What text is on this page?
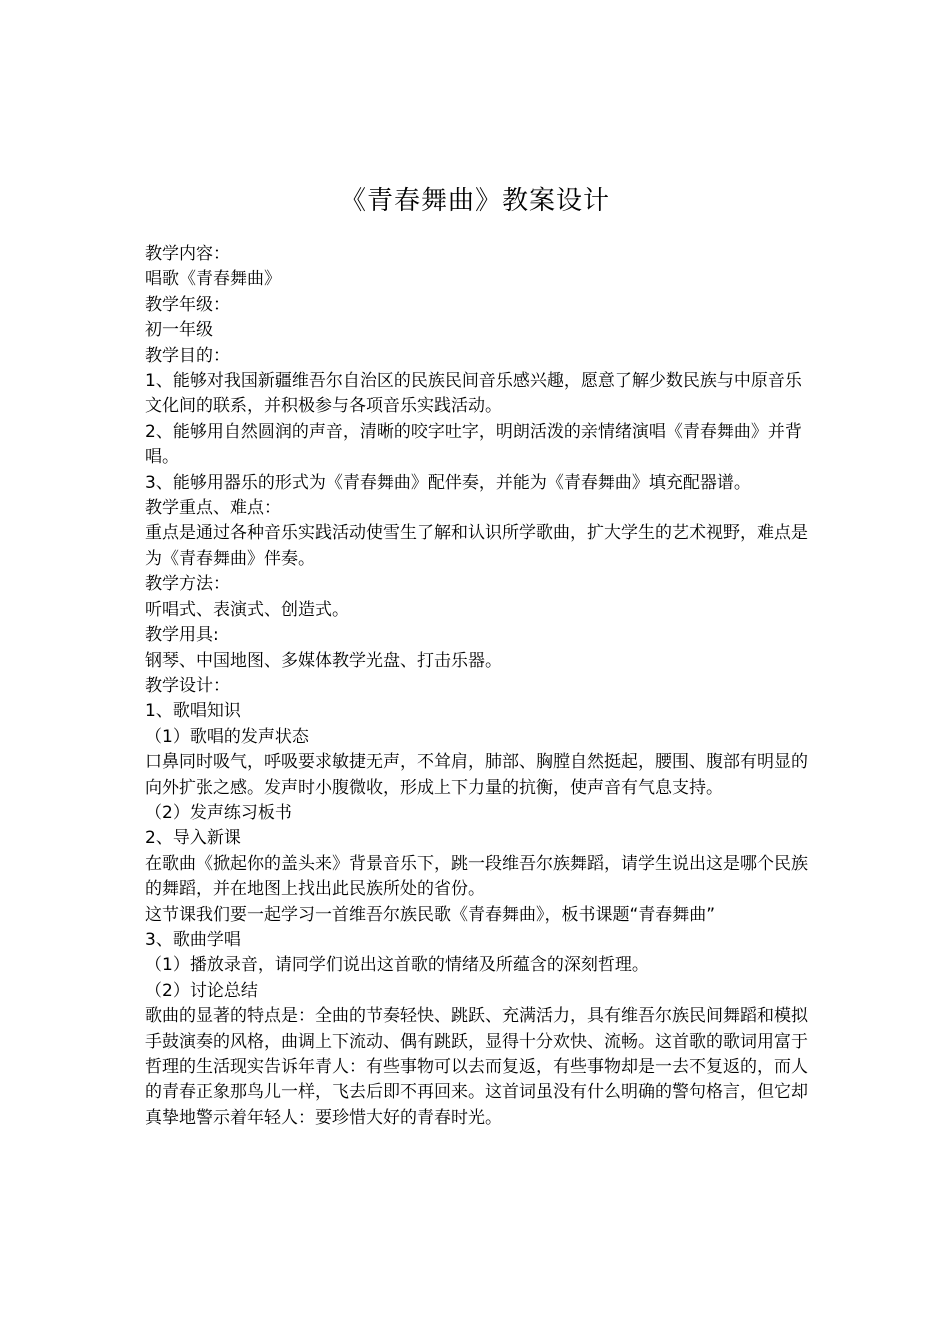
《青春舞曲》教案设计

教学内容：

唱歌《青春舞曲》

教学年级：

初一年级

教学目的：

1、能够对我国新疆维吾尔自治区的民族民间音乐感兴趣，愿意了解少数民族与中原音乐文化间的联系，并积极参与各项音乐实践活动。

2、能够用自然圆润的声音，清晰的咬字吐字，明朗活泼的亲情绪演唱《青春舞曲》并背唱。

3、能够用器乐的形式为《青春舞曲》配伴奏，并能为《青春舞曲》填充配器谱。

教学重点、难点：

重点是通过各种音乐实践活动使雪生了解和认识所学歌曲，扩大学生的艺术视野，难点是为《青春舞曲》伴奏。

教学方法：

听唱式、表演式、创造式。

教学用具:

钢琴、中国地图、多媒体教学光盘、打击乐器。

教学设计：

1、歌唱知识

（1）歌唱的发声状态

口鼻同时吸气，呼吸要求敏捷无声，不耸肩，肺部、胸膛自然挺起，腰围、腹部有明显的向外扩张之感。发声时小腹微收，形成上下力量的抗衡，使声音有气息支持。

（2）发声练习板书

2、导入新课

在歌曲《掀起你的盖头来》背景音乐下，跳一段维吾尔族舞蹈，请学生说出这是哪个民族的舞蹈，并在地图上找出此民族所处的省份。

这节课我们要一起学习一首维吾尔族民歌《青春舞曲》，板书课题“青春舞曲”

3、歌曲学唱

（1）播放录音，请同学们说出这首歌的情绪及所蕴含的深刻哲理。

（2）讨论总结

歌曲的显著的特点是：全曲的节奏轻快、跳跃、充满活力，具有维吾尔族民间舞蹈和模拟手鼓演奏的风格，曲调上下流动、偶有跳跃，显得十分欢快、流畅。这首歌的歌词用富于哲理的生活现实告诉年青人：有些事物可以去而复返，有些事物却是一去不复返的，而人的青春正象那鸟儿一样，飞去后即不再回来。这首词虽没有什么明确的警句格言，但它却真挚地警示着年轻人：要珍惜大好的青春时光。
